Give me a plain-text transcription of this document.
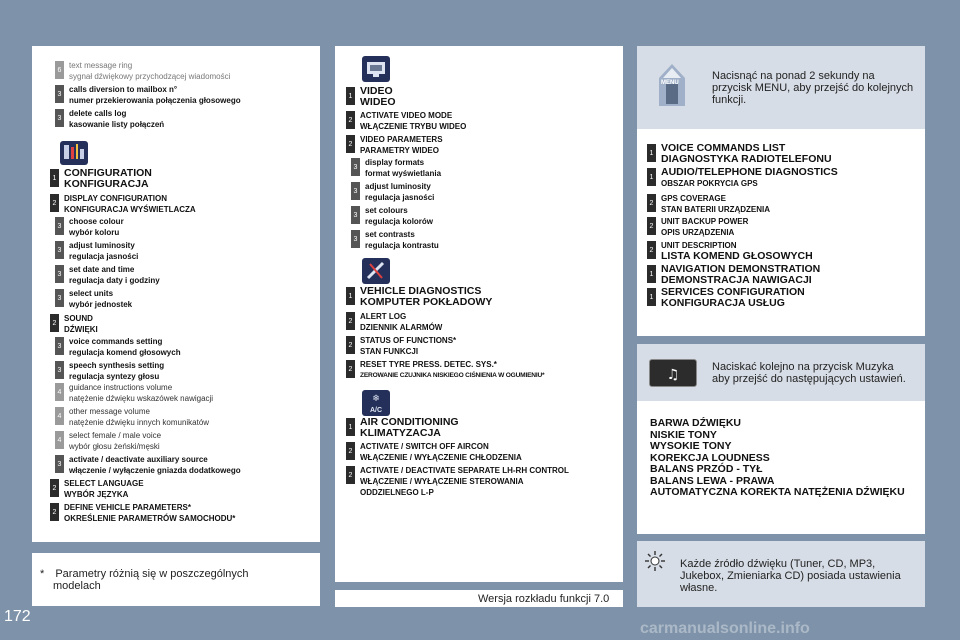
6 text message ring
sygnał dźwiękowy przychodzącej wiadomości
3 calls diversion to mailbox n°
numer przekierowania połączenia głosowego
3 delete calls log
kasowanie listy połączeń
1 CONFIGURATION
KONFIGURACJA
2 DISPLAY CONFIGURATION
KONFIGURACJA WYŚWIETLACZA
3 choose colour
wybór koloru
3 adjust luminosity
regulacja jasności
3 set date and time
regulacja daty i godziny
3 select units
wybór jednostek
2 SOUND
DŹWIĘKI
3 voice commands setting
regulacja komend głosowych
3 speech synthesis setting
regulacja syntezy głosu
4 guidance instructions volume
natężenie dźwięku wskazówek nawigacji
4 other message volume
natężenie dźwięku innych komunikatów
4 select female / male voice
wybór głosu żeński/męski
3 activate / deactivate auxiliary source
włączenie / wyłączenie gniazda dodatkowego
2 SELECT LANGUAGE
WYBÓR JĘZYKA
2 DEFINE VEHICLE PARAMETERS*
OKREŚLENIE PARAMETRÓW SAMOCHODU*
1 VIDEO
WIDEO
2 ACTIVATE VIDEO MODE
WŁĄCZENIE TRYBU WIDEO
2 VIDEO PARAMETERS
PARAMETRY WIDEO
3 display formats
format wyświetlania
3 adjust luminosity
regulacja jasności
3 set colours
regulacja kolorów
3 set contrasts
regulacja kontrastu
1 VEHICLE DIAGNOSTICS
KOMPUTER POKŁADOWY
2 ALERT LOG
DZIENNIK ALARMÓW
2 STATUS OF FUNCTIONS*
STAN FUNKCJI
2 RESET TYRE PRESS. DETEC. SYS.*
ZEROWANIE CZUJNIKA NISKIEGO CIŚNIENIA W OGUMIENIU*
1 AIR CONDITIONING
KLIMATYZACJA
2 ACTIVATE / SWITCH OFF AIRCON
WŁĄCZENIE / WYŁĄCZENIE CHŁODZENIA
2 ACTIVATE / DEACTIVATE SEPARATE LH-RH CONTROL
WŁĄCZENIE / WYŁĄCZENIE STEROWANIA
ODDZIELNEGO L-P
❄
A/C
MENU
Nacisnąć na ponad 2 sekundy na
przycisk MENU, aby przejść do kolejnych
funkcji.
1 VOICE COMMANDS LIST
DIAGNOSTYKA RADIOTELEFONU
1 AUDIO/TELEPHONE DIAGNOSTICS
OBSZAR POKRYCIA GPS
2 GPS COVERAGE
STAN BATERII URZĄDZENIA
2 UNIT BACKUP POWER
OPIS URZĄDZENIA
2 UNIT DESCRIPTION
LISTA KOMEND GŁOSOWYCH
1 NAVIGATION DEMONSTRATION
DEMONSTRACJA NAWIGACJI
1 SERVICES CONFIGURATION
KONFIGURACJA USŁUG
♫	Naciskać kolejno na przycisk Muzyka
aby przejść do następujących ustawień.
BARWA DŹWIĘKU
NISKIE TONY
WYSOKIE TONY
KOREKCJA LOUDNESS
BALANS PRZÓD - TYŁ
BALANS LEWA - PRAWA
AUTOMATYCZNA KOREKTA NATĘŻENIA DŹWIĘKU
Każde źródło dźwięku (Tuner, CD, MP3,
Jukebox, Zmieniarka CD) posiada ustawienia
własne.
* Parametry różnią się w poszczególnych
modelach
Wersja rozkładu funkcji 7.0
172
carmanualsonline.info
